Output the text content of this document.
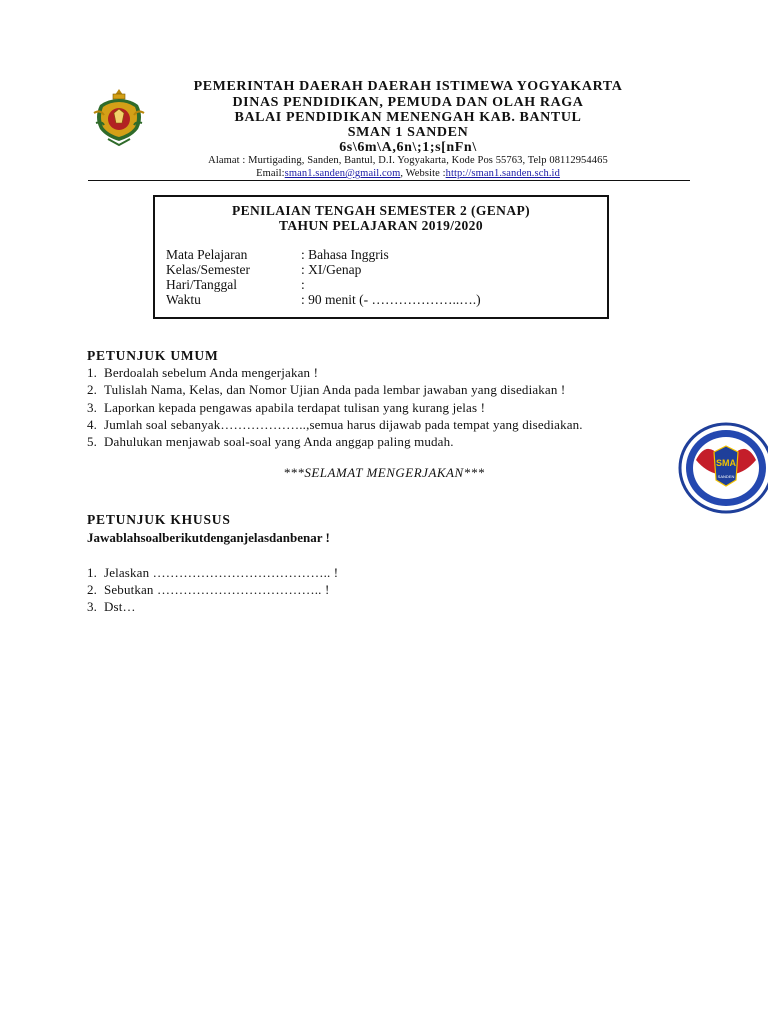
PEMERINTAH DAERAH DAERAH ISTIMEWA YOGYAKARTA
DINAS PENDIDIKAN, PEMUDA DAN OLAH RAGA
BALAI PENDIDIKAN MENENGAH KAB. BANTUL
SMAN 1 SANDEN
6s\6m\A,6n\;1;s[nFn\
Alamat : Murtigading, Sanden, Bantul, D.I. Yogyakarta, Kode Pos 55763, Telp 08112954465
Email:sman1.sanden@gmail.com, Website :http://sman1.sanden.sch.id
PENILAIAN TENGAH SEMESTER 2 (GENAP)
TAHUN PELAJARAN 2019/2020
Mata Pelajaran	: Bahasa Inggris
Kelas/Semester	: XI/Genap
Hari/Tanggal	:
Waktu	: 90 menit (- ………………..….)
PETUNJUK UMUM
1. Berdoalah sebelum Anda mengerjakan !
2. Tulislah Nama, Kelas, dan Nomor Ujian Anda pada lembar jawaban yang disediakan !
3. Laporkan kepada pengawas apabila terdapat tulisan yang kurang jelas !
4. Jumlah soal sebanyak………………..,semua harus dijawab pada tempat yang disediakan.
5. Dahulukan menjawab soal-soal yang Anda anggap paling mudah.
***SELAMAT MENGERJAKAN***
PETUNJUK KHUSUS
Jawablahsoalberikutdenganjelasdanbenar !
1. Jelaskan ………………………………….. !
2. Sebutkan ……………………………….. !
3. Dst…
SMA
SANDEN
